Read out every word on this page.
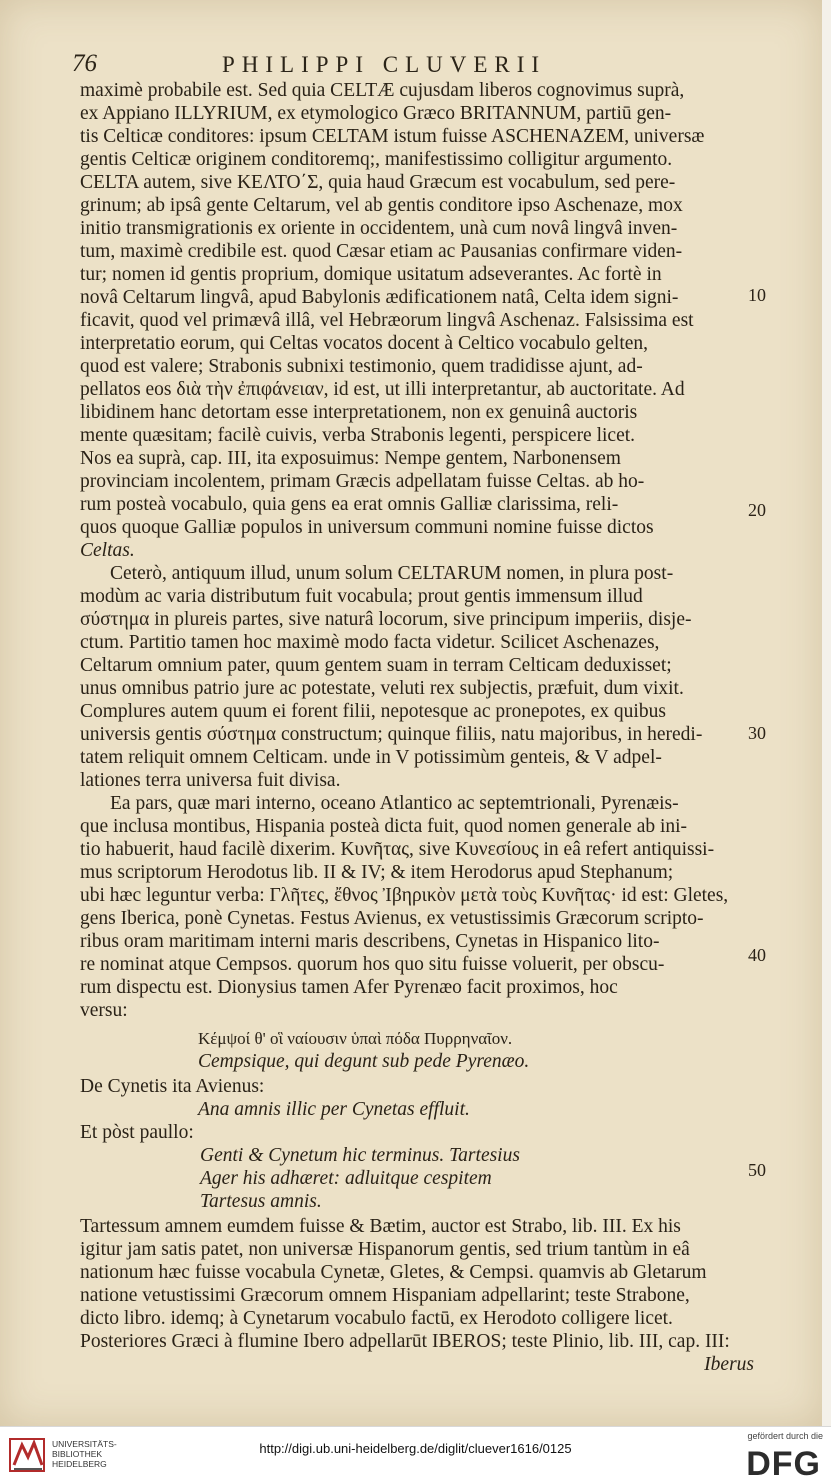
76	PHILIPPI CLUVERII
maximè probabile est. Sed quia CELTÆ cujusdam liberos cognovimus suprà,
ex Appiano ILLYRIUM, ex etymologico Græco BRITANNUM, partiū gen-
tis Celticæ conditores: ipsum CELTAM istum fuisse ASCHENAZEM, universæ
gentis Celticæ originem conditoremq;, manifestissimo colligitur argumento.
CELTA autem, sive ΚΕΛΤΟ΄Σ, quia haud Græcum est vocabulum, sed pere-
grinum; ab ipsâ gente Celtarum, vel ab gentis conditore ipso Aschenaze, mox
initio transmigrationis ex oriente in occidentem, unà cum novâ lingvâ inven-
tum, maximè credibile est. quod Cæsar etiam ac Pausanias confirmare viden-
tur; nomen id gentis proprium, domique usitatum adseverantes. Ac fortè in
novâ Celtarum lingvâ, apud Babylonis ædificationem natâ, Celta idem signi-
ficavit, quod vel primævâ illâ, vel Hebræorum lingvâ Aschenaz. Falsissima est
interpretatio eorum, qui Celtas vocatos docent à Celtico vocabulo gelten,
quod est valere; Strabonis subnixi testimonio, quem tradidisse ajunt, ad-
pellatos eos διὰ τὴν ἐπιφάνειαν, id est, ut illi interpretantur, ab auctoritate. Ad
libidinem hanc detortam esse interpretationem, non ex genuinâ auctoris
mente quæsitam; facilè cuivis, verba Strabonis legenti, perspicere licet.
Nos ea suprà, cap. III, ita exposuimus: Nempe gentem, Narbonensem
provinciam incolentem, primam Græcis adpellatam fuisse Celtas. ab ho-
rum posteà vocabulo, quia gens ea erat omnis Galliæ clarissima, reli-
quos quoque Galliæ populos in universum communi nomine fuisse dictos
Celtas.
Ceterò, antiquum illud, unum solum CELTARUM nomen, in plura post-
modùm ac varia distributum fuit vocabula; prout gentis immensum illud
σύστημα in plureis partes, sive naturâ locorum, sive principum imperiis, disje-
ctum. Partitio tamen hoc maximè modo facta videtur. Scilicet Aschenazes,
Celtarum omnium pater, quum gentem suam in terram Celticam deduxisset;
unus omnibus patrio jure ac potestate, veluti rex subjectis, præfuit, dum vixit.
Complures autem quum ei forent filii, nepotesque ac pronepotes, ex quibus
universis gentis σύστημα constructum; quinque filiis, natu majoribus, in heredi-
tatem reliquit omnem Celticam. unde in V potissimùm genteis, & V adpel-
lationes terra universa fuit divisa.
Ea pars, quæ mari interno, oceano Atlantico ac septemtrionali, Pyrenæis-
que inclusa montibus, Hispania posteà dicta fuit, quod nomen generale ab ini-
tio habuerit, haud facilè dixerim. Κυνῆτας, sive Κυνεσίους in eâ refert antiquissi-
mus scriptorum Herodotus lib. II & IV; & item Herodorus apud Stephanum;
ubi hæc leguntur verba: Γλῆτες, ἔθνος Ἰβηρικὸν μετὰ τοὺς Κυνῆτας· id est: Gletes,
gens Iberica, ponè Cynetas. Festus Avienus, ex vetustissimis Græcorum scripto-
ribus oram maritimam interni maris describens, Cynetas in Hispanico lito-
re nominat atque Cempsos. quorum hos quo situ fuisse voluerit, per obscu-
rum dispectu est. Dionysius tamen Afer Pyrenæo facit proximos, hoc
versu:
Κέμψοί θ' οἳ ναίουσιν ὑπαὶ πόδα Πυρρηναῖον.
Cempsique, qui degunt sub pede Pyrenæo.
De Cynetis ita Avienus:
Ana amnis illic per Cynetas effluit.
Et pòst paullo:
Genti & Cynetum hic terminus. Tartesius
Ager his adhæret: adluitque cespitem
Tartesus amnis.
Tartessum amnem eumdem fuisse & Bætim, auctor est Strabo, lib. III. Ex his
igitur jam satis patet, non universæ Hispanorum gentis, sed trium tantùm in eâ
nationum hæc fuisse vocabula Cynetæ, Gletes, & Cempsi. quamvis ab Gletarum
natione vetustissimi Græcorum omnem Hispaniam adpellarint; teste Strabone,
dicto libro. idemq; à Cynetarum vocabulo factū, ex Herodoto colligere licet.
Posteriores Græci à flumine Ibero adpellarūt IBEROS; teste Plinio, lib. III, cap. III:
Iberus
10
20
30
40
50
UNIVERSITÄTS-
BIBLIOTHEK
HEIDELBERG
http://digi.ub.uni-heidelberg.de/diglit/cluever1616/0125
gefördert durch die
DFG
